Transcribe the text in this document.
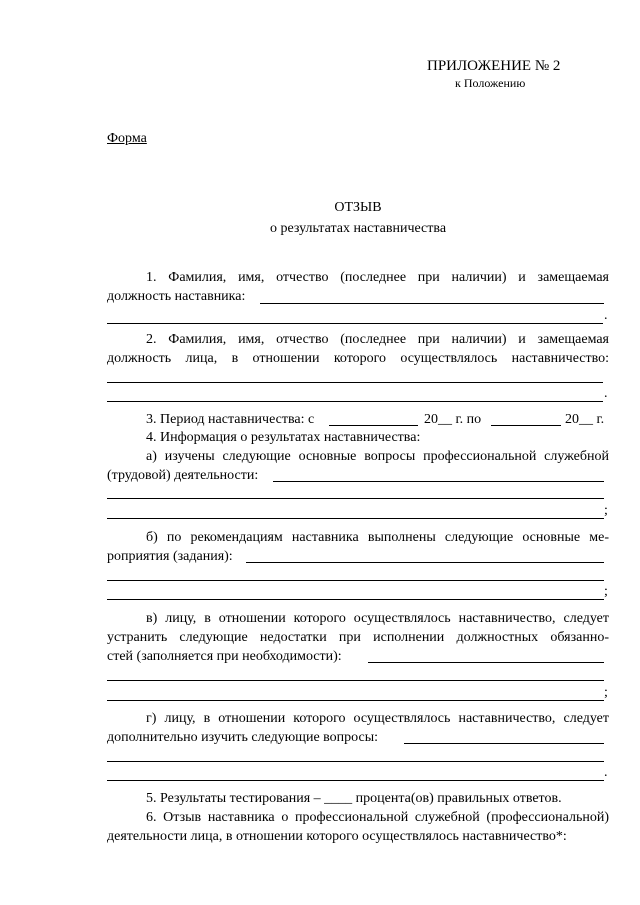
ПРИЛОЖЕНИЕ № 2
к Положению
Форма
ОТЗЫВ
о результатах наставничества
1. Фамилия, имя, отчество (последнее при наличии) и замещаемая
должность наставника:
.
2. Фамилия, имя, отчество (последнее при наличии) и замещаемая
должность лица, в отношении которого осуществлялось наставничество:
.
3. Период наставничества: с	20__ г. по	20__ г.
4. Информация о результатах наставничества:
а) изучены следующие основные вопросы профессиональной служебной
(трудовой) деятельности:
;
б) по рекомендациям наставника выполнены следующие основные ме-
роприятия (задания):
;
в) лицу, в отношении которого осуществлялось наставничество, следует
устранить следующие недостатки при исполнении должностных обязанно-
стей (заполняется при необходимости):
;
г) лицу, в отношении которого осуществлялось наставничество, следует
дополнительно изучить следующие вопросы:
.
5. Результаты тестирования – ____ процента(ов) правильных ответов.
6. Отзыв наставника о профессиональной служебной (профессиональной)
деятельности лица, в отношении которого осуществлялось наставничество*:
